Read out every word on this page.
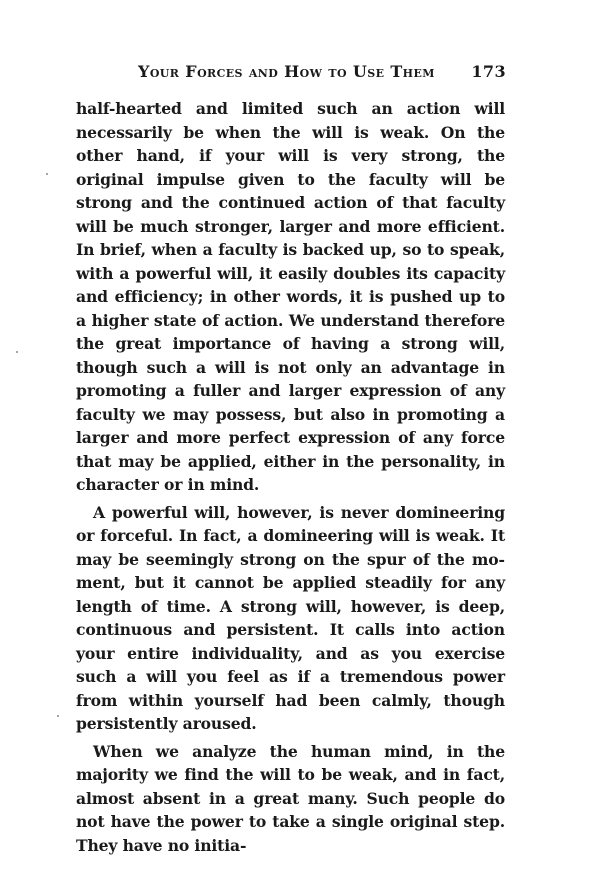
Your Forces and How to Use Them 173

half-hearted and limited such an action will necessarily be when the will is weak. On the other hand, if your will is very strong, the original impulse given to the faculty will be strong and the continued action of that faculty will be much stronger, larger and more efficient. In brief, when a faculty is backed up, so to speak, with a powerful will, it easily doubles its capacity and efficiency; in other words, it is pushed up to a higher state of action. We understand therefore the great importance of having a strong will, though such a will is not only an advantage in promoting a fuller and larger expression of any faculty we may possess, but also in promoting a larger and more perfect expression of any force that may be applied, either in the personality, in character or in mind.

A powerful will, however, is never domineering or forceful. In fact, a domineering will is weak. It may be seemingly strong on the spur of the moment, but it cannot be applied steadily for any length of time. A strong will, however, is deep, continuous and persistent. It calls into action your entire individuality, and as you exercise such a will you feel as if a tremendous power from within yourself had been calmly, though persistently aroused.

When we analyze the human mind, in the majority we find the will to be weak, and in fact, almost absent in a great many. Such people do not have the power to take a single original step. They have no initia-
